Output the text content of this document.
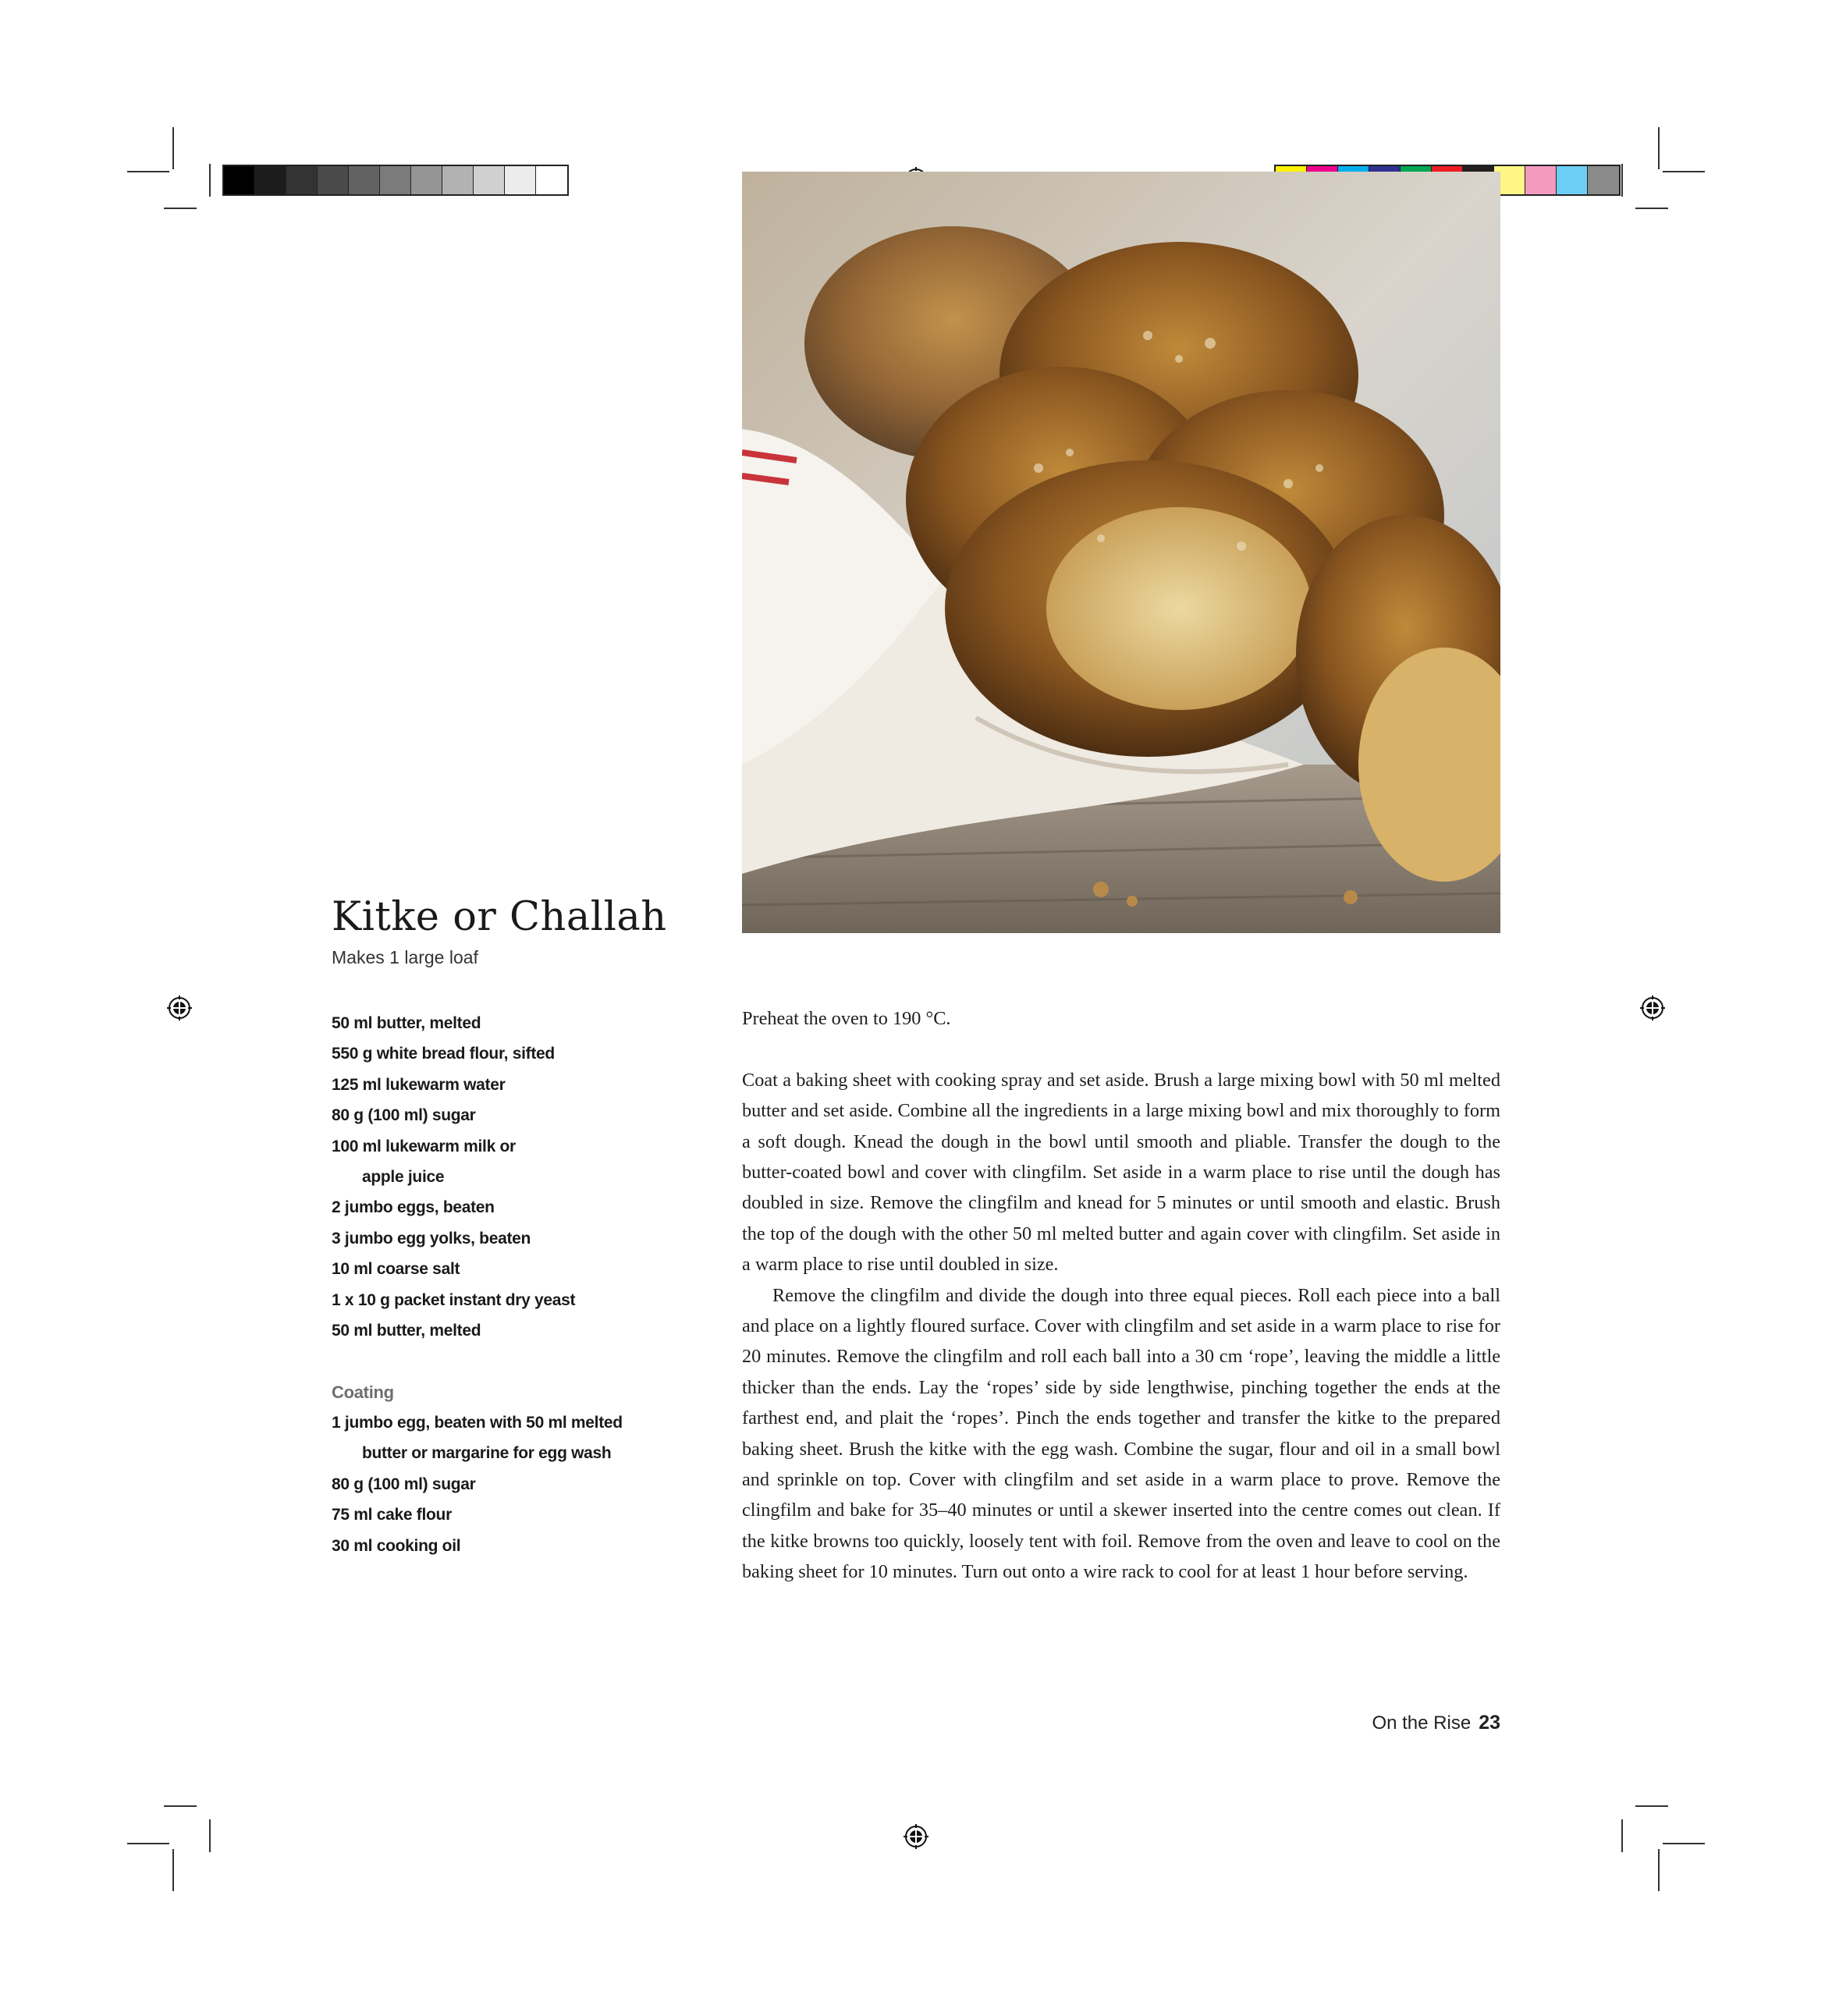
Kitke or Challah
Makes 1 large loaf
50 ml butter, melted
550 g white bread flour, sifted
125 ml lukewarm water
80 g (100 ml) sugar
100 ml lukewarm milk or
apple juice
2 jumbo eggs, beaten
3 jumbo egg yolks, beaten
10 ml coarse salt
1 x 10 g packet instant dry yeast
50 ml butter, melted
Coating
1 jumbo egg, beaten with 50 ml melted
butter or margarine for egg wash
80 g (100 ml) sugar
75 ml cake flour
30 ml cooking oil

Preheat the oven to 190 °C.

Coat a baking sheet with cooking spray and set aside. Brush a large mixing bowl with 50 ml melted butter and set aside. Combine all the ingredients in a large mixing bowl and mix thoroughly to form a soft dough. Knead the dough in the bowl until smooth and pliable. Transfer the dough to the butter-coated bowl and cover with clingfilm. Set aside in a warm place to rise until the dough has doubled in size. Remove the clingfilm and knead for 5 minutes or until smooth and elastic. Brush the top of the dough with the other 50 ml melted butter and again cover with clingfilm. Set aside in a warm place to rise until doubled in size.

Remove the clingfilm and divide the dough into three equal pieces. Roll each piece into a ball and place on a lightly floured surface. Cover with clingfilm and set aside in a warm place to rise for 20 minutes. Remove the clingfilm and roll each ball into a 30 cm ‘rope’, leaving the middle a little thicker than the ends. Lay the ‘ropes’ side by side lengthwise, pinching together the ends at the farthest end, and plait the ‘ropes’. Pinch the ends together and transfer the kitke to the prepared baking sheet. Brush the kitke with the egg wash. Combine the sugar, flour and oil in a small bowl and sprinkle on top. Cover with clingfilm and set aside in a warm place to prove. Remove the clingfilm and bake for 35–40 minutes or until a skewer inserted into the centre comes out clean. If the kitke browns too quickly, loosely tent with foil. Remove from the oven and leave to cool on the baking sheet for 10 minutes. Turn out onto a wire rack to cool for at least 1 hour before serving.

On the Rise 23
